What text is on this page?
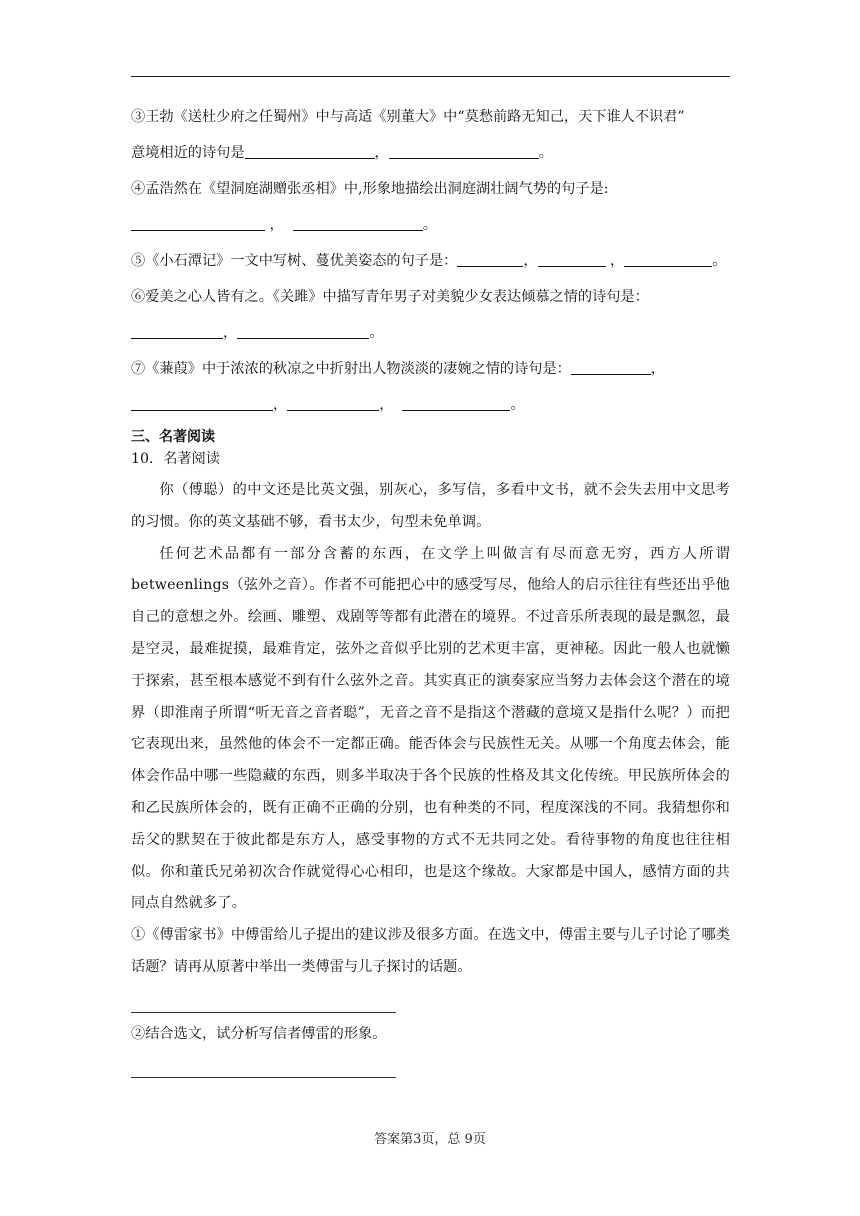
③王勃《送杜少府之任蜀州》中与高适《别董大》中“莫愁前路无知己，天下谁人不识君”
意境相近的诗句是	，	。
④孟浩然在《望洞庭湖赠张丞相》中,形象地描绘出洞庭湖壮阔气势的句子是:
，	。
⑤《小石潭记》一文中写树、蔓优美姿态的句子是：	，	，	。
⑥爱美之心人皆有之。《关雎》中描写青年男子对美貌少女表达倾慕之情的诗句是：
，	。
⑦《蒹葭》中于浓浓的秋凉之中折射出人物淡淡的凄婉之情的诗句是：	，
，	，	。
三、名著阅读
10．名著阅读
你（傅聪）的中文还是比英文强，别灰心，多写信，多看中文书，就不会失去用中文思考的习惯。你的英文基础不够，看书太少，句型未免单调。
任何艺术品都有一部分含蓄的东西，在文学上叫做言有尽而意无穷，西方人所谓betweenlings（弦外之音）。作者不可能把心中的感受写尽，他给人的启示往往有些还出乎他自己的意想之外。绘画、雕塑、戏剧等等都有此潜在的境界。不过音乐所表现的最是飘忽，最是空灵，最难捉摸，最难肯定，弦外之音似乎比别的艺术更丰富，更神秘。因此一般人也就懒于探索，甚至根本感觉不到有什么弦外之音。其实真正的演奏家应当努力去体会这个潜在的境界（即淮南子所谓“听无音之音者聪”，无音之音不是指这个潜藏的意境又是指什么呢？）而把它表现出来，虽然他的体会不一定都正确。能否体会与民族性无关。从哪一个角度去体会，能体会作品中哪一些隐藏的东西，则多半取决于各个民族的性格及其文化传统。甲民族所体会的和乙民族所体会的，既有正确不正确的分别，也有种类的不同，程度深浅的不同。我猜想你和岳父的默契在于彼此都是东方人，感受事物的方式不无共同之处。看待事物的角度也往往相似。你和董氏兄弟初次合作就觉得心心相印，也是这个缘故。大家都是中国人，感情方面的共同点自然就多了。
①《傅雷家书》中傅雷给儿子提出的建议涉及很多方面。在选文中，傅雷主要与儿子讨论了哪类话题？请再从原著中举出一类傅雷与儿子探讨的话题。
②结合选文，试分析写信者傅雷的形象。
答案第3页，总 9页
